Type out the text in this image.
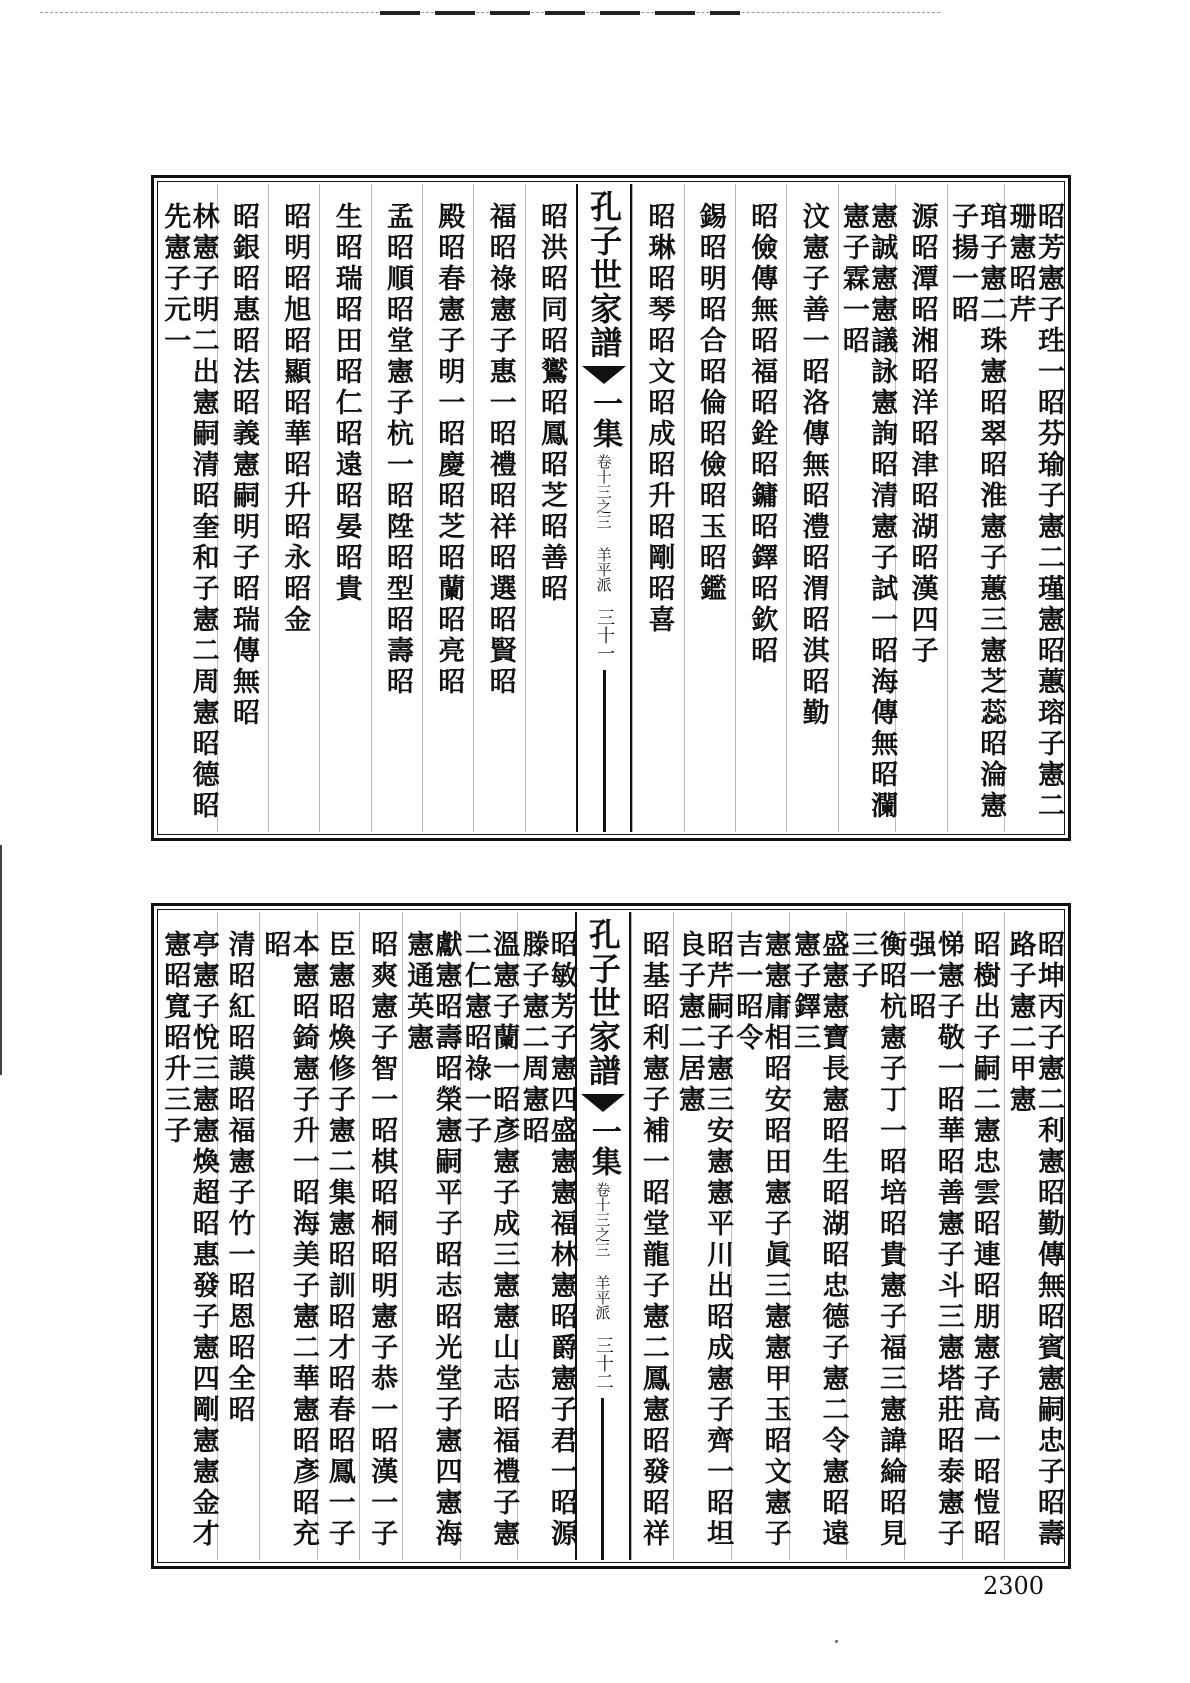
昭芳憲子珄一昭芬瑜子憲二瑾憲昭蕙瑢子憲二珊憲昭芹
琯子憲二珠憲昭翠昭淮憲子蕙三憲芝蕊昭淪憲子揚一昭
源昭潭昭湘昭洋昭津昭湖昭漢四子
憲誠憲憲議詠憲詢昭清憲子試一昭海傳無昭瀾憲子霖一昭
汶憲子善一昭洛傳無昭澧昭渭昭淇昭勤
昭儉傳無昭福昭銓昭鏞昭鐸昭欽昭
錫昭明昭合昭倫昭儉昭玉昭鑑
昭琳昭琴昭文昭成昭升昭剛昭喜
孔子世家譜
一集
卷十三之三 羊平派
三十一
昭洪昭同昭鸑昭鳳昭芝昭善昭
福昭祿憲子惠一昭禮昭祥昭選昭賢昭
殿昭春憲子明一昭慶昭芝昭蘭昭亮昭
孟昭順昭堂憲子杭一昭陞昭型昭壽昭
生昭瑞昭田昭仁昭遠昭晏昭貴
昭明昭旭昭顯昭華昭升昭永昭金
昭銀昭惠昭法昭義憲嗣明子昭瑞傳無昭
林憲子明二出憲嗣清昭奎和子憲二周憲昭德昭先憲子元一
昭坤丙子憲二利憲昭勤傳無昭賓憲嗣忠子昭壽路子憲二甲憲
昭樹出子嗣二憲忠雲昭連昭朋憲子高一昭愷昭
悌憲子敬一昭華昭善憲子斗三憲塔莊昭泰憲子强一昭
衡昭杭憲子丁一昭培昭貴憲子福三憲諱綸昭見三子
盛憲憲寶長憲昭生昭湖昭忠德子憲二令憲昭遠憲子鐸三
憲憲庸相昭安昭田憲子眞三憲憲甲玉昭文憲子吉一昭令
昭芹嗣子憲三安憲憲平川出昭成憲子齊一昭坦良子憲二居憲
昭基昭利憲子補一昭堂龍子憲二鳳憲昭發昭祥
孔子世家譜
一集
卷十三之三 羊平派
三十二
昭敏芳子憲四盛憲憲福林憲昭爵憲子君一昭源滕子憲二周憲昭
溫憲子蘭一昭彥憲子成三憲憲山志昭福禮子憲二仁憲昭祿一子
獻憲昭壽昭榮憲嗣平子昭志昭光堂子憲四憲海憲通英憲
昭爽憲子智一昭棋昭桐昭明憲子恭一昭漢一子
臣憲昭煥修子憲二集憲昭訓昭才昭春昭鳳一子
本憲昭錡憲子升一昭海美子憲二華憲昭彥昭充昭
清昭紅昭謨昭福憲子竹一昭恩昭全昭
亭憲子悅三憲憲煥超昭惠發子憲四剛憲憲金才憲昭寬昭升三子
2300
